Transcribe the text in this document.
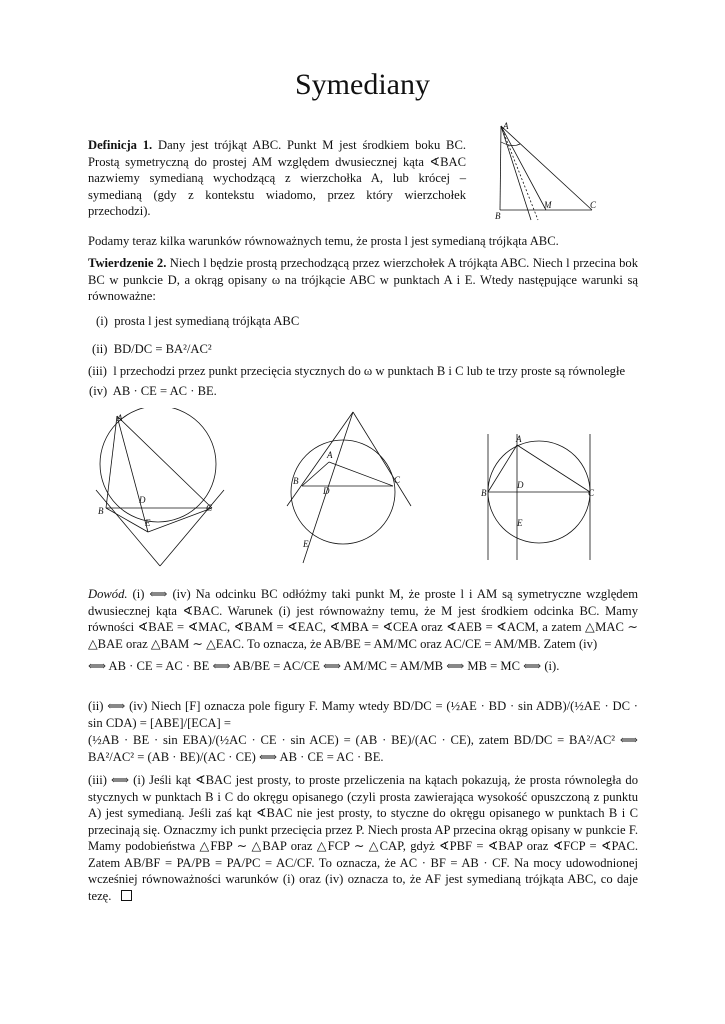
Symediany
Definicja 1. Dany jest trójkąt ABC. Punkt M jest środkiem boku BC. Prostą symetryczną do prostej AM względem dwusiecznej kąta ∢BAC nazwiemy symedianą wychodzącą z wierzchołka A, lub krócej – symedianą (gdy z kontekstu wiadomo, przez który wierzchołek przechodzi).
A
B
C
M
Podamy teraz kilka warunków równoważnych temu, że prosta l jest symedianą trójkąta ABC.
Twierdzenie 2. Niech l będzie prostą przechodzącą przez wierzchołek A trójkąta ABC. Niech l przecina bok BC w punkcie D, a okrąg opisany ω na trójkącie ABC w punktach A i E. Wtedy następujące warunki są równoważne:
(i) prosta l jest symedianą trójkąta ABC
(ii) BD/DC = BA²/AC²
(iii) l przechodzi przez punkt przecięcia stycznych do ω w punktach B i C lub te trzy proste są równoległe
(iv) AB · CE = AC · BE.
A
B	C
D
E
A
B	C
D
E
A
B	C
D
E
Dowód. (i) ⟺ (iv) Na odcinku BC odłóżmy taki punkt M, że proste l i AM są symetryczne względem dwusiecznej kąta ∢BAC. Warunek (i) jest równoważny temu, że M jest środkiem odcinka BC. Mamy równości ∢BAE = ∢MAC, ∢BAM = ∢EAC, ∢MBA = ∢CEA oraz ∢AEB = ∢ACM, a zatem △MAC ∼ △BAE oraz △BAM ∼ △EAC. To oznacza, że AB/BE = AM/MC oraz AC/CE = AM/MB. Zatem (iv)
⟺ AB · CE = AC · BE ⟺ AB/BE = AC/CE ⟺ AM/MC = AM/MB ⟺ MB = MC ⟺ (i).
(ii) ⟺ (iv) Niech [F] oznacza pole figury F. Mamy wtedy BD/DC = (½AE · BD · sin ADB)/(½AE · DC · sin CDA) = [ABE]/[ECA] =
(½AB · BE · sin EBA)/(½AC · CE · sin ACE) = (AB · BE)/(AC · CE), zatem BD/DC = BA²/AC² ⟺ BA²/AC² = (AB · BE)/(AC · CE) ⟺ AB · CE = AC · BE.
(iii) ⟺ (i) Jeśli kąt ∢BAC jest prosty, to proste przeliczenia na kątach pokazują, że prosta równoległa do stycznych w punktach B i C do okręgu opisanego (czyli prosta zawierająca wysokość opuszczoną z punktu A) jest symedianą. Jeśli zaś kąt ∢BAC nie jest prosty, to styczne do okręgu opisanego w punktach B i C przecinają się. Oznaczmy ich punkt przecięcia przez P. Niech prosta AP przecina okrąg opisany w punkcie F. Mamy podobieństwa △FBP ∼ △BAP oraz △FCP ∼ △CAP, gdyż ∢PBF = ∢BAP oraz ∢FCP = ∢PAC. Zatem AB/BF = PA/PB = PA/PC = AC/CF. To oznacza, że AC · BF = AB · CF. Na mocy udowodnionej wcześniej równoważności warunków (i) oraz (iv) oznacza to, że AF jest symedianą trójkąta ABC, co daje tezę.
